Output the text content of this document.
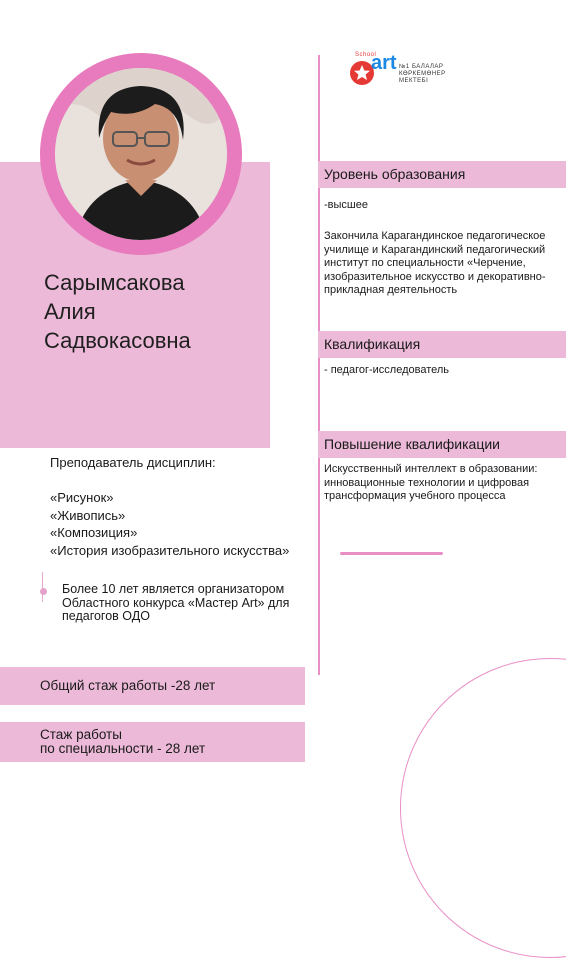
School
art №1 БАЛАЛАР
КӨРКЕМӨНЕР
МЕКТЕБІ
Сарымсакова
Алия
Садвокасовна
Преподаватель дисциплин:
«Рисунок»
«Живопись»
«Композиция»
«История изобразительного искусства»
Более 10 лет является организатором Областного конкурса «Мастер Art» для педагогов ОДО
Общий стаж работы -28 лет
Стаж работы
по специальности - 28 лет
Уровень образования
-высшее
Закончила Карагандинское педагогическое училище и Карагандинский педагогический институт по специальности «Черчение, изобразительное искусство и декоративно-прикладная деятельность
Квалификация
- педагог-исследователь
Повышение квалификации
Искусственный интеллект в образовании: инновационные технологии и цифровая трансформация учебного процесса
